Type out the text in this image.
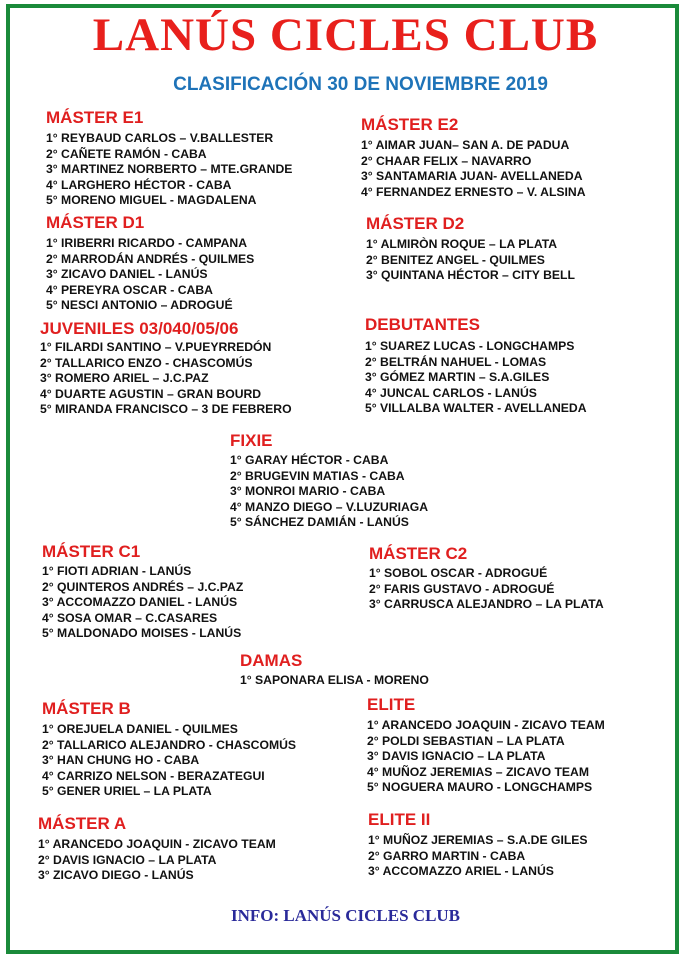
LANÚS CICLES CLUB
CLASIFICACIÓN 30 DE NOVIEMBRE 2019
MÁSTER E1
1° REYBAUD CARLOS – V.BALLESTER
2° CAÑETE RAMÓN - CABA
3° MARTINEZ NORBERTO – MTE.GRANDE
4° LARGHERO HÉCTOR - CABA
5° MORENO MIGUEL - MAGDALENA
MÁSTER E2
1° AIMAR JUAN– SAN A. DE PADUA
2° CHAAR FELIX – NAVARRO
3° SANTAMARIA JUAN- AVELLANEDA
4° FERNANDEZ ERNESTO – V. ALSINA
MÁSTER D1
1° IRIBERRI RICARDO - CAMPANA
2° MARRODÁN ANDRÉS - QUILMES
3° ZICAVO DANIEL - LANÚS
4° PEREYRA OSCAR - CABA
5° NESCI ANTONIO – ADROGUÉ
MÁSTER D2
1° ALMIRÒN ROQUE – LA PLATA
2° BENITEZ ANGEL - QUILMES
3° QUINTANA HÉCTOR – CITY BELL
JUVENILES 03/040/05/06
1° FILARDI SANTINO – V.PUEYRREDÓN
2° TALLARICO ENZO - CHASCOMÚS
3° ROMERO ARIEL – J.C.PAZ
4° DUARTE AGUSTIN – GRAN BOURD
5° MIRANDA FRANCISCO – 3 DE FEBRERO
DEBUTANTES
1° SUAREZ LUCAS - LONGCHAMPS
2° BELTRÁN NAHUEL - LOMAS
3° GÓMEZ MARTIN – S.A.GILES
4° JUNCAL CARLOS - LANÚS
5° VILLALBA WALTER - AVELLANEDA
FIXIE
1° GARAY HÉCTOR - CABA
2° BRUGEVIN MATIAS - CABA
3° MONROI MARIO - CABA
4° MANZO DIEGO – V.LUZURIAGA
5° SÁNCHEZ DAMIÁN - LANÚS
MÁSTER C1
1° FIOTI ADRIAN - LANÚS
2° QUINTEROS ANDRÉS – J.C.PAZ
3° ACCOMAZZO DANIEL - LANÚS
4° SOSA OMAR – C.CASARES
5° MALDONADO MOISES - LANÚS
MÁSTER C2
1° SOBOL OSCAR - ADROGUÉ
2° FARIS GUSTAVO - ADROGUÉ
3° CARRUSCA ALEJANDRO – LA PLATA
DAMAS
1° SAPONARA ELISA - MORENO
MÁSTER B
1° OREJUELA DANIEL - QUILMES
2° TALLARICO ALEJANDRO - CHASCOMÚS
3° HAN CHUNG HO - CABA
4° CARRIZO NELSON - BERAZATEGUI
5° GENER URIEL – LA PLATA
ELITE
1° ARANCEDO JOAQUIN - ZICAVO TEAM
2° POLDI SEBASTIAN – LA PLATA
3° DAVIS IGNACIO – LA PLATA
4° MUÑOZ JEREMIAS – ZICAVO TEAM
5° NOGUERA MAURO - LONGCHAMPS
MÁSTER A
1° ARANCEDO JOAQUIN - ZICAVO TEAM
2° DAVIS IGNACIO – LA PLATA
3° ZICAVO DIEGO - LANÚS
ELITE II
1° MUÑOZ JEREMIAS – S.A.DE GILES
2° GARRO MARTIN - CABA
3° ACCOMAZZO ARIEL - LANÚS
INFO: LANÚS CICLES CLUB
